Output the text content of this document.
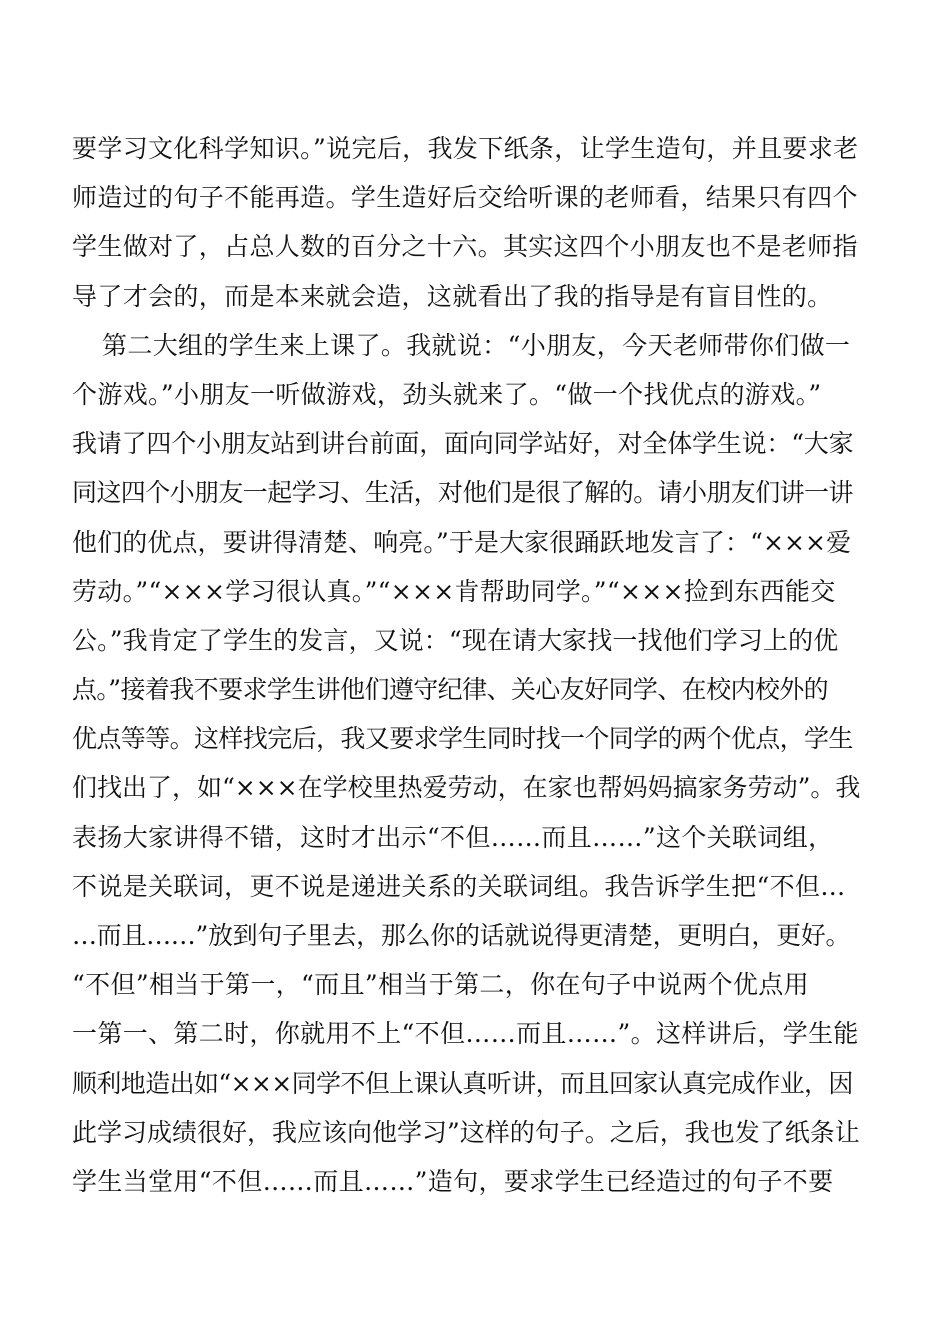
要学习文化科学知识。”说完后，我发下纸条，让学生造句，并且要求老
师造过的句子不能再造。学生造好后交给听课的老师看，结果只有四个
学生做对了，占总人数的百分之十六。其实这四个小朋友也不是老师指
导了才会的，而是本来就会造，这就看出了我的指导是有盲目性的。
第二大组的学生来上课了。我就说：“小朋友，今天老师带你们做一
个游戏。”小朋友一听做游戏，劲头就来了。“做一个找优点的游戏。”
我请了四个小朋友站到讲台前面，面向同学站好，对全体学生说：“大家
同这四个小朋友一起学习、生活，对他们是很了解的。请小朋友们讲一讲
他们的优点，要讲得清楚、响亮。”于是大家很踊跃地发言了：“×××爱
劳动。”“×××学习很认真。”“×××肯帮助同学。”“×××捡到东西能交
公。”我肯定了学生的发言，又说：“现在请大家找一找他们学习上的优
点。”接着我不要求学生讲他们遵守纪律、关心友好同学、在校内校外的
优点等等。这样找完后，我又要求学生同时找一个同学的两个优点，学生
们找出了，如“×××在学校里热爱劳动，在家也帮妈妈搞家务劳动”。我
表扬大家讲得不错，这时才出示“不但……而且……”这个关联词组，
不说是关联词，更不说是递进关系的关联词组。我告诉学生把“不但…
…而且……”放到句子里去，那么你的话就说得更清楚，更明白，更好。
“不但”相当于第一，“而且”相当于第二，你在句子中说两个优点用
一第一、第二时，你就用不上“不但……而且……”。这样讲后，学生能
顺利地造出如“×××同学不但上课认真听讲，而且回家认真完成作业，因
此学习成绩很好，我应该向他学习”这样的句子。之后，我也发了纸条让
学生当堂用“不但……而且……”造句，要求学生已经造过的句子不要
